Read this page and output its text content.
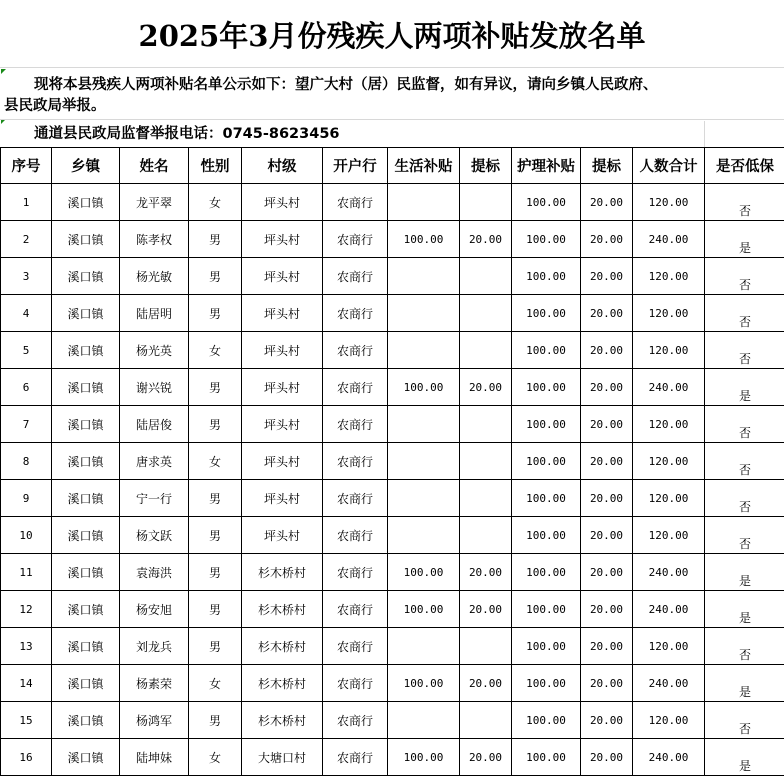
2025年3月份残疾人两项补贴发放名单
现将本县残疾人两项补贴名单公示如下：望广大村（居）民监督，如有异议，请向乡镇人民政府、
县民政局举报。
通道县民政局监督举报电话：0745-8623456
序号	乡镇	姓名	性别	村级	开户行	生活补贴	提标	护理补贴	提标	人数合计	是否低保
1	溪口镇	龙平翠	女	坪头村	农商行			100.00	20.00	120.00	否
2	溪口镇	陈孝权	男	坪头村	农商行	100.00	20.00	100.00	20.00	240.00	是
3	溪口镇	杨光敏	男	坪头村	农商行			100.00	20.00	120.00	否
4	溪口镇	陆居明	男	坪头村	农商行			100.00	20.00	120.00	否
5	溪口镇	杨光英	女	坪头村	农商行			100.00	20.00	120.00	否
6	溪口镇	谢兴锐	男	坪头村	农商行	100.00	20.00	100.00	20.00	240.00	是
7	溪口镇	陆居俊	男	坪头村	农商行			100.00	20.00	120.00	否
8	溪口镇	唐求英	女	坪头村	农商行			100.00	20.00	120.00	否
9	溪口镇	宁一行	男	坪头村	农商行			100.00	20.00	120.00	否
10	溪口镇	杨文跃	男	坪头村	农商行			100.00	20.00	120.00	否
11	溪口镇	袁海洪	男	杉木桥村	农商行	100.00	20.00	100.00	20.00	240.00	是
12	溪口镇	杨安旭	男	杉木桥村	农商行	100.00	20.00	100.00	20.00	240.00	是
13	溪口镇	刘龙兵	男	杉木桥村	农商行			100.00	20.00	120.00	否
14	溪口镇	杨素荣	女	杉木桥村	农商行	100.00	20.00	100.00	20.00	240.00	是
15	溪口镇	杨鸿军	男	杉木桥村	农商行			100.00	20.00	120.00	否
16	溪口镇	陆坤妹	女	大塘口村	农商行	100.00	20.00	100.00	20.00	240.00	是
